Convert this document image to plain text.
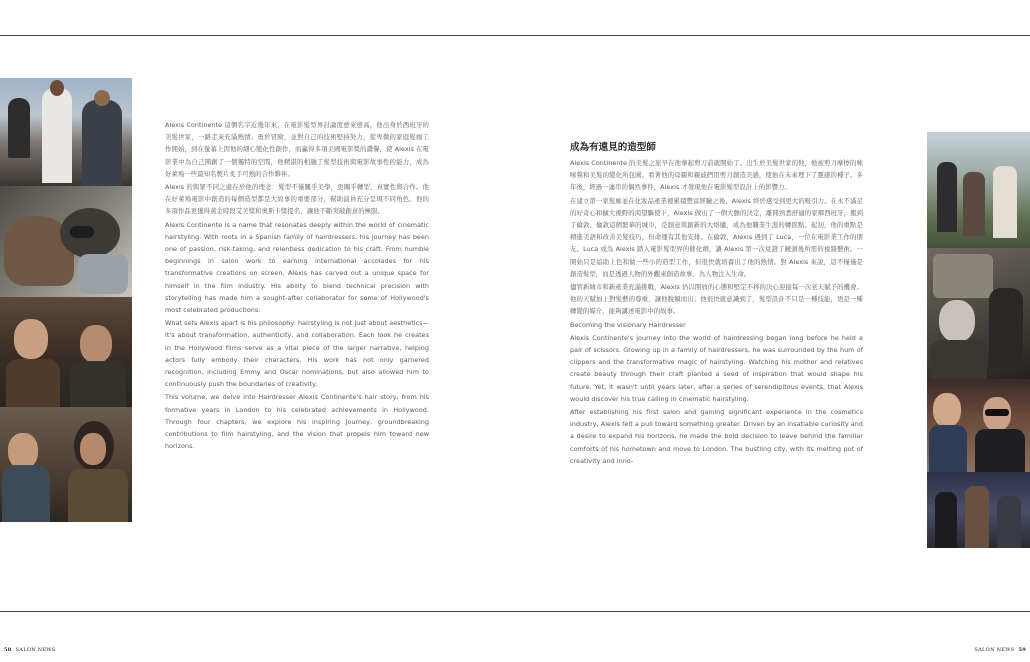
Alexis Continente 這個名字近幾年來，在電影髮型界討論度愈來愈高，他出身於西班牙的美髮世家，一路走來充滿熱情、勇於冒險，並對自己的技術堅持努力，從卑微的家庭髮廊工作開始，到在螢幕上因他的細心變化性創作，而贏得多項美國電影獎的讚譽，使 Alexis 在電影業中為自己開創了一個獨特的空間，他精湛的相融了髮型技術與電影故事性的能力，成為好萊塢一些最知名製片炙手可熱的合作夥伴。

Alexis 的與眾不同之處在於他的理念：髮型不僅關乎美學，更關乎轉型、真實性與合作。他在好萊塢電影中創造的每個造型都是大故事的重要部分，幫助演員充分呈現不同角色。他的多項作品更獲得黃金時段艾美獎和奧斯卡獎提名，讓他不斷突破創意的極限。

Alexis Continente is a name that resonates deeply within the world of cinematic hairstyling. With roots in a Spanish family of hairdressers, his journey has been one of passion, risk-taking, and relentless dedication to his craft. From humble beginnings in salon work to earning international accolades for his transformative creations on screen, Alexis has carved out a unique space for himself in the film industry. His ability to blend technical precision with storytelling has made him a sought-after collaborator for some of Hollywood's most celebrated productions.

What sets Alexis apart is his philosophy: hairstyling is not just about aesthetics—it's about transformation, authenticity, and collaboration. Each look he creates in the Hollywood films serve as a vital piece of the larger narrative, helping actors fully embody their characters. His work has not only garnered recognition, including Emmy and Oscar nominations, but also allowed him to continuously push the boundaries of creativity.

This volume, we delve into Hairdresser Alexis Continente's hair story, from his formative years in London to his celebrated achievements in Hollywood. Through four chapters, we explore his inspiring journey, groundbreaking contributions to film hairstyling, and the vision that propels him toward new horizons.

成為有遠見的造型師

Alexis Continente 的美髮之旅早在他拿起剪刀前就開始了。出生於美髮世家的他，他被剪刀摩擦的嗦嗦聲和美髮的變化所包圍。看著他的母親和親戚們用剪刀創造美感，使他在未來埋下了靈感的種子。多年後，經過一連串的偶然事件，Alexis 才發現他在電影髮型設計上的影響力。

在建立第一家髮廊並在化妝品產業裡累積豐富經驗之後，Alexis 終於感受到更大的吸引力。在永不滿足的好奇心和擴大視野的渴望驅使下，Alexis 做出了一個大膽的決定，離開熟悉舒適的家鄉西班牙，搬到了倫敦。倫敦這個繁華的城市，是創意與創新的大熔爐，成為他職業生涯的轉捩點。起初，他的重點是精進美語和改善美髮技巧，但命運有其他安排。在倫敦，Alexis 遇到了 Luca，一位在電影業工作的朋友。Luca 成為 Alexis 踏入電影髮型界的催化劑，讓 Alexis 第一次見證了鏡頭後所需的複雜藝術。一開始只是協助上色和做一些小的造型工作，但很快就培養出了他的熱情。對 Alexis 來說，這不僅僅是創造髮型，而是透過人物的外觀來創造故事、為人物注入生命。

儘管新城市和新產業充滿挑戰，Alexis 仍以開放的心態和堅定不移的決心迎接每一次老天賦予的機會。他的天賦加上對髮藝的尊重，讓他脫穎而出；他很快就意識到了，髮型設計不只是一種技能，更是一種轉變的媒介，能夠講述電影中的故事。

Becoming the visionary Hairdresser

Alexis Continente's journey into the world of hairdressing began long before he held a pair of scissors. Growing up in a family of hairdressers, he was surrounded by the hum of clippers and the transformative magic of hairstyling. Watching his mother and relatives create beauty through their craft planted a seed of inspiration that would shape his future. Yet, it wasn't until years later, after a series of serendipitous events, that Alexis would discover his true calling in cinematic hairstyling.

After establishing his first salon and gaining significant experience in the cosmetics industry, Alexis felt a pull toward something greater. Driven by an insatiable curiosity and a desire to expand his horizons, he made the bold decision to leave behind the familiar comforts of his hometown and move to London. The bustling city, with its melting pot of creativity and inno-

58 SALON NEWS	SALON NEWS 59
